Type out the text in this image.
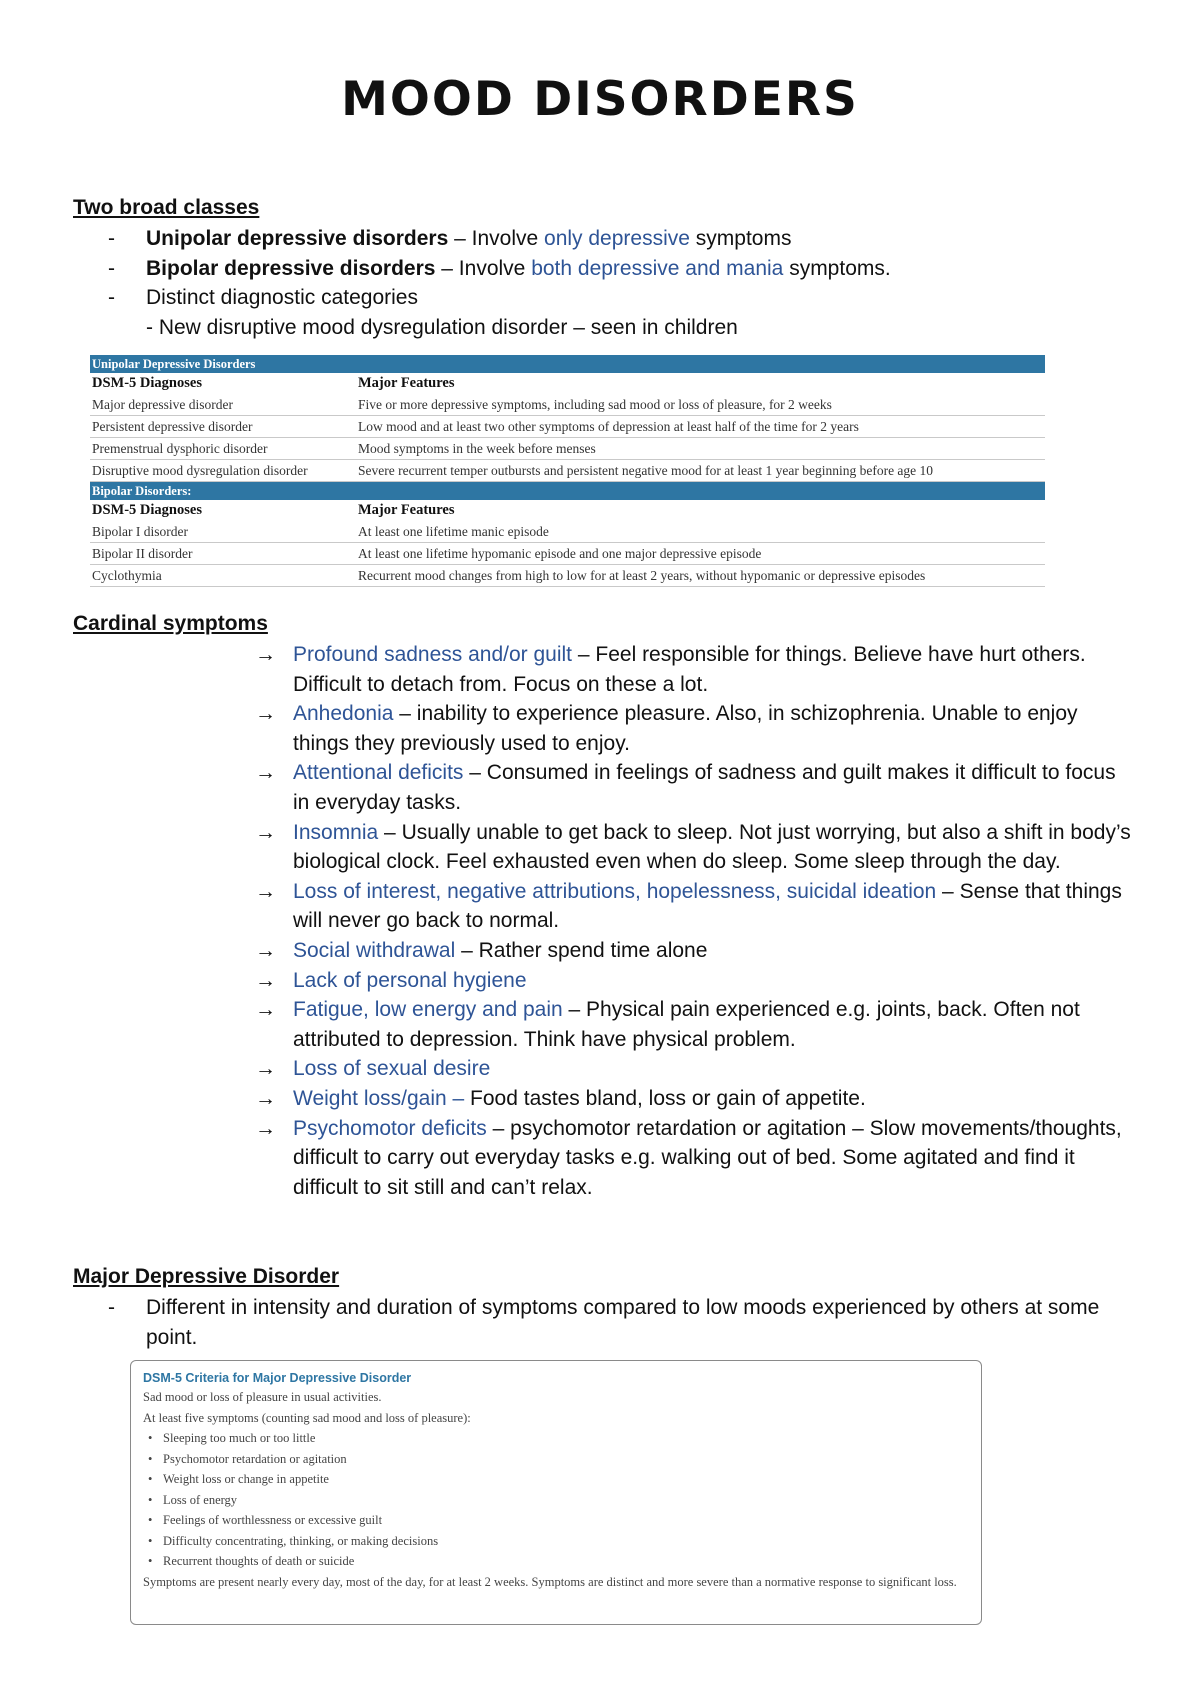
MOOD DISORDERS

Two broad classes

- Unipolar depressive disorders – Involve only depressive symptoms
- Bipolar depressive disorders – Involve both depressive and mania symptoms.
- Distinct diagnostic categories
- New disruptive mood dysregulation disorder – seen in children
Unipolar Depressive Disorders	
DSM-5 Diagnoses	Major Features
Major depressive disorder	Five or more depressive symptoms, including sad mood or loss of pleasure, for 2 weeks
Persistent depressive disorder	Low mood and at least two other symptoms of depression at least half of the time for 2 years
Premenstrual dysphoric disorder	Mood symptoms in the week before menses
Disruptive mood dysregulation disorder	Severe recurrent temper outbursts and persistent negative mood for at least 1 year beginning before age 10
Bipolar Disorders:	
DSM-5 Diagnoses	Major Features
Bipolar I disorder	At least one lifetime manic episode
Bipolar II disorder	At least one lifetime hypomanic episode and one major depressive episode
Cyclothymia	Recurrent mood changes from high to low for at least 2 years, without hypomanic or depressive episodes

Cardinal symptoms

→ Profound sadness and/or guilt – Feel responsible for things. Believe have hurt others. Difficult to detach from. Focus on these a lot.
→ Anhedonia – inability to experience pleasure. Also, in schizophrenia. Unable to enjoy things they previously used to enjoy.
→ Attentional deficits – Consumed in feelings of sadness and guilt makes it difficult to focus in everyday tasks.
→ Insomnia – Usually unable to get back to sleep. Not just worrying, but also a shift in body’s biological clock. Feel exhausted even when do sleep. Some sleep through the day.
→ Loss of interest, negative attributions, hopelessness, suicidal ideation – Sense that things will never go back to normal.
→ Social withdrawal – Rather spend time alone
→ Lack of personal hygiene
→ Fatigue, low energy and pain – Physical pain experienced e.g. joints, back. Often not attributed to depression. Think have physical problem.
→ Loss of sexual desire
→ Weight loss/gain – Food tastes bland, loss or gain of appetite.
→ Psychomotor deficits – psychomotor retardation or agitation – Slow movements/thoughts, difficult to carry out everyday tasks e.g. walking out of bed. Some agitated and find it difficult to sit still and can’t relax.

Major Depressive Disorder

- Different in intensity and duration of symptoms compared to low moods experienced by others at some point.

DSM-5 Criteria for Major Depressive Disorder

Sad mood or loss of pleasure in usual activities.

At least five symptoms (counting sad mood and loss of pleasure):

• Sleeping too much or too little
• Psychomotor retardation or agitation
• Weight loss or change in appetite
• Loss of energy
• Feelings of worthlessness or excessive guilt
• Difficulty concentrating, thinking, or making decisions
• Recurrent thoughts of death or suicide

Symptoms are present nearly every day, most of the day, for at least 2 weeks. Symptoms are distinct and more severe than a normative response to significant loss.
